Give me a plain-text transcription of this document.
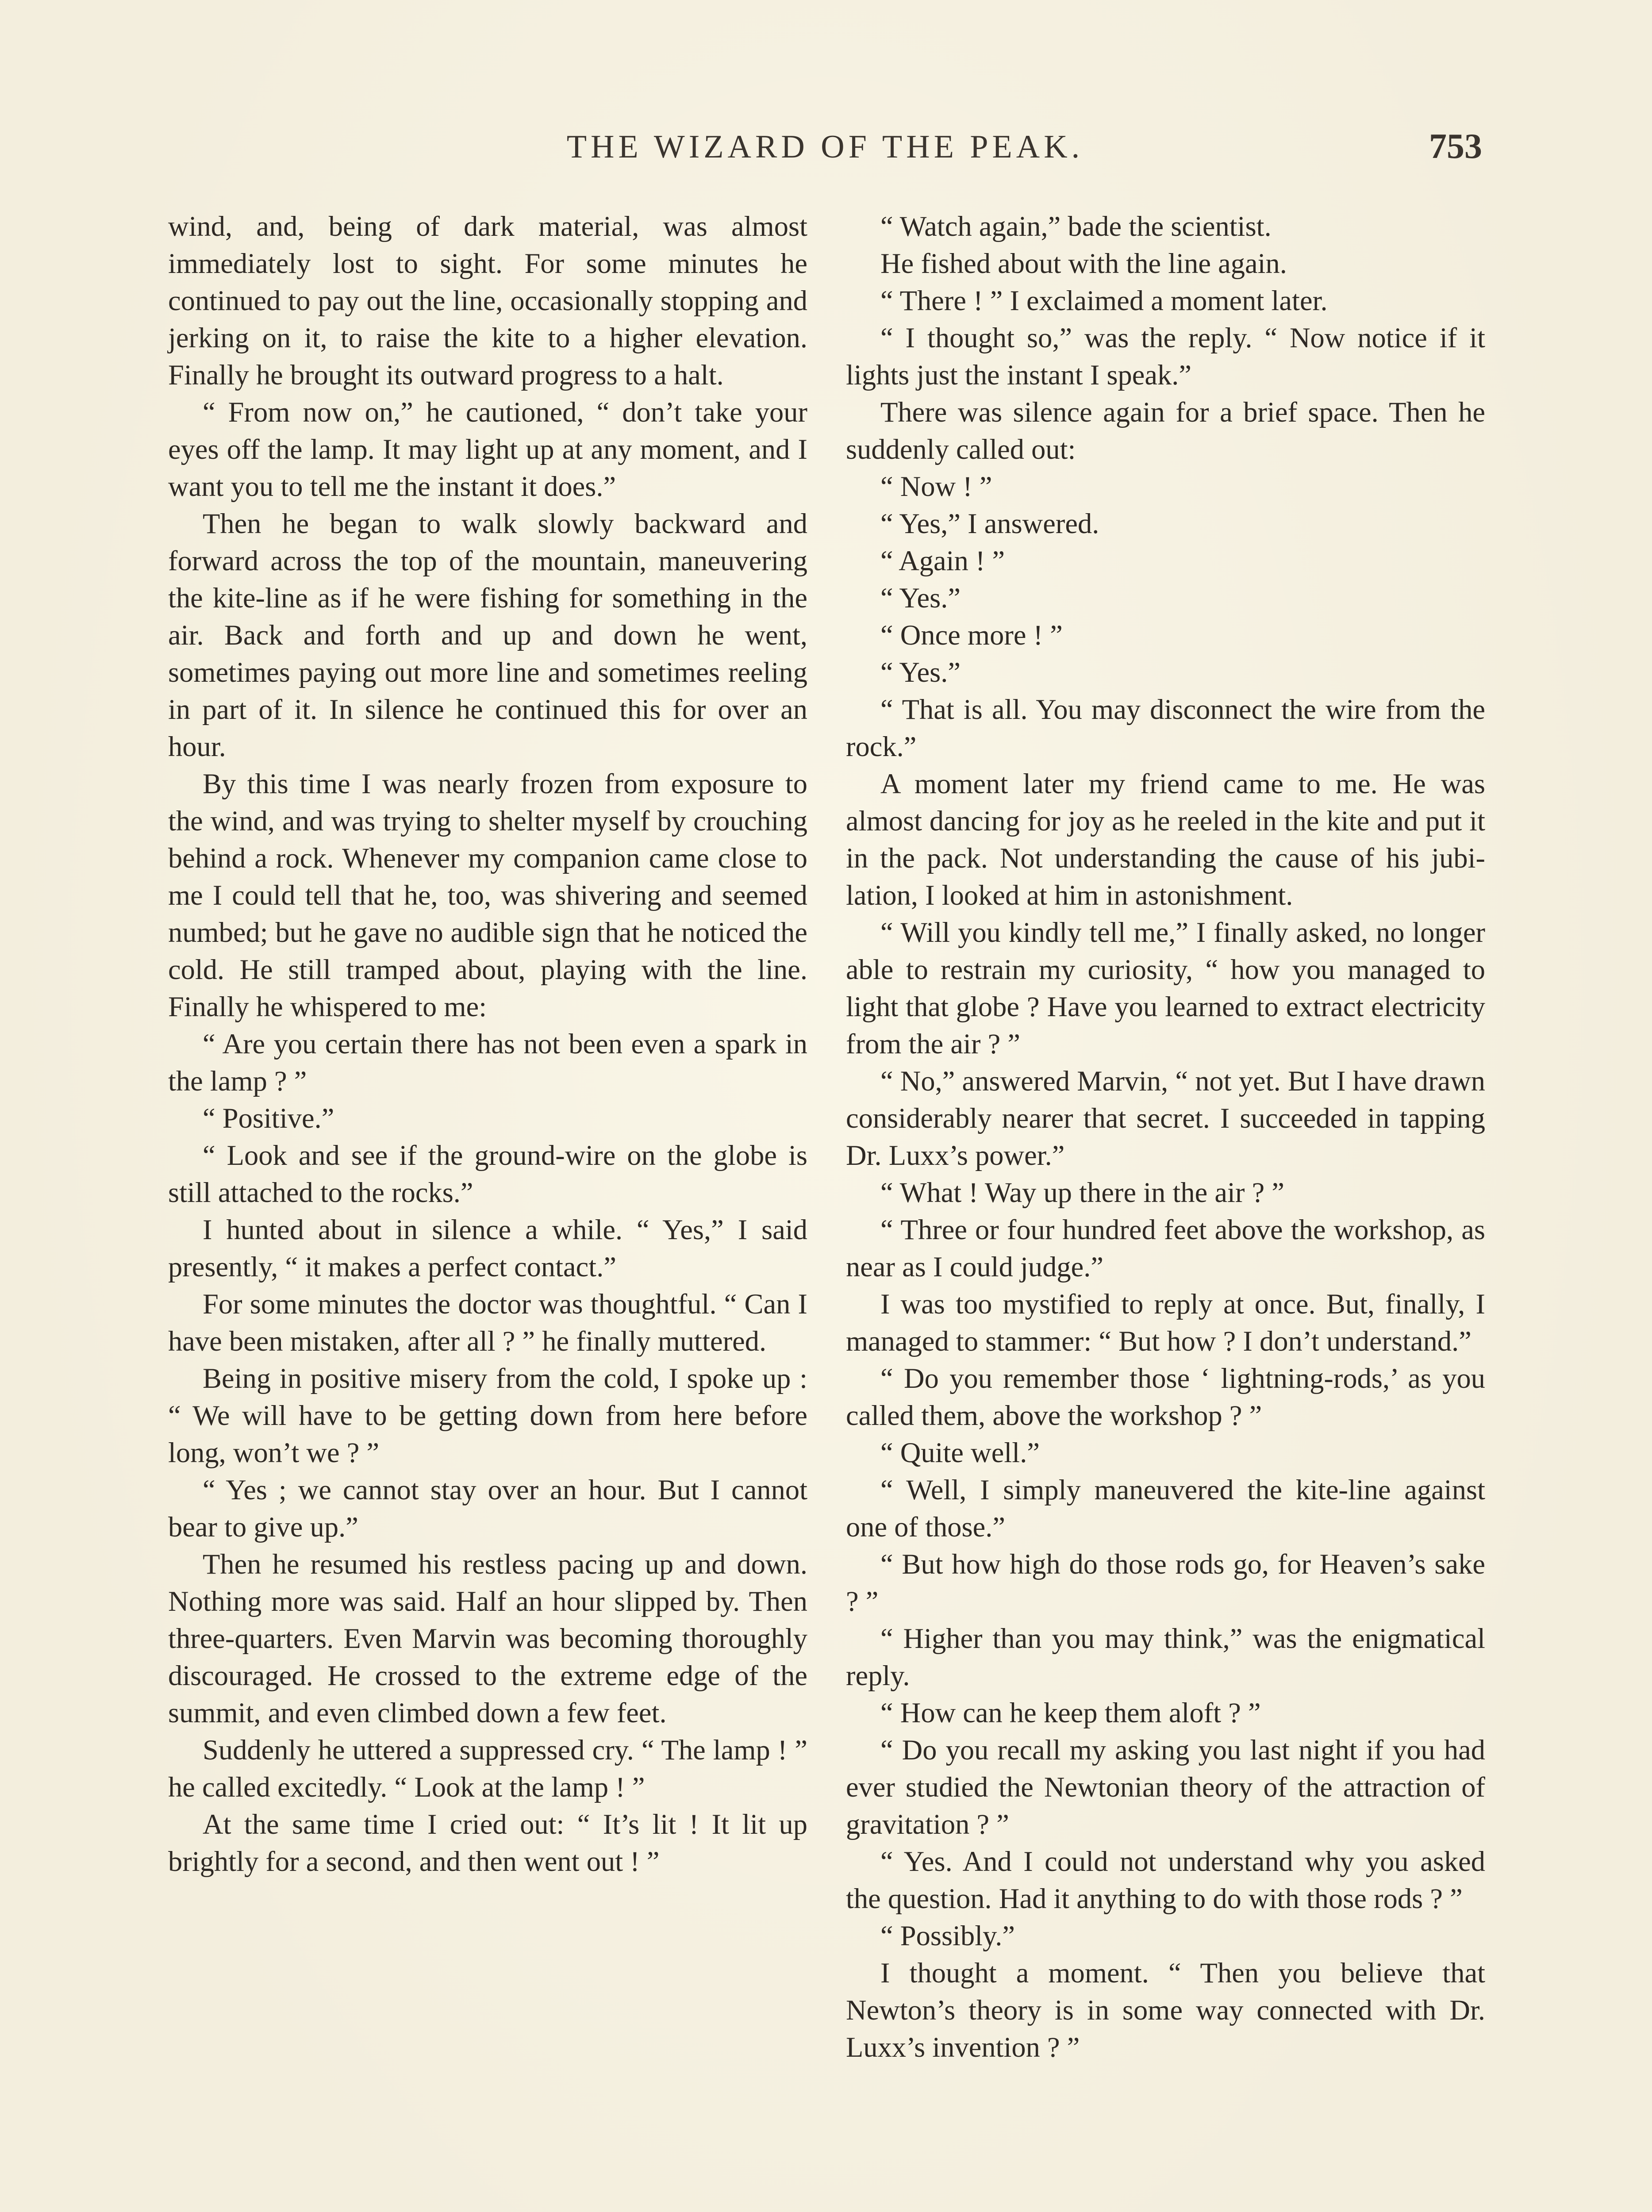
THE WIZARD OF THE PEAK.	753

wind, and, being of dark material, was almost immediately lost to sight. For some minutes he continued to pay out the line, occasionally stopping and jerking on it, to raise the kite to a higher elevation. Finally he brought its outward progress to a halt.

“ From now on,” he cautioned, “ don’t take your eyes off the lamp. It may light up at any moment, and I want you to tell me the instant it does.”

Then he began to walk slowly backward and forward across the top of the mountain, maneuvering the kite-line as if he were fishing for something in the air. Back and forth and up and down he went, sometimes paying out more line and sometimes reeling in part of it. In silence he continued this for over an hour.

By this time I was nearly frozen from exposure to the wind, and was trying to shelter myself by crouching behind a rock. Whenever my companion came close to me I could tell that he, too, was shivering and seemed numbed; but he gave no audible sign that he noticed the cold. He still tramped about, playing with the line. Finally he whispered to me:

“ Are you certain there has not been even a spark in the lamp ? ”

“ Positive.”

“ Look and see if the ground-wire on the globe is still attached to the rocks.”

I hunted about in silence a while. “ Yes,” I said presently, “ it makes a perfect contact.”

For some minutes the doctor was thoughtful. “ Can I have been mistaken, after all ? ” he finally muttered.

Being in positive misery from the cold, I spoke up : “ We will have to be getting down from here before long, won’t we ? ”

“ Yes ; we cannot stay over an hour. But I cannot bear to give up.”

Then he resumed his restless pacing up and down. Nothing more was said. Half an hour slipped by. Then three-quarters. Even Marvin was becoming thoroughly discouraged. He crossed to the extreme edge of the summit, and even climbed down a few feet.

Suddenly he uttered a suppressed cry. “ The lamp ! ” he called excitedly. “ Look at the lamp ! ”

At the same time I cried out: “ It’s lit ! It lit up brightly for a second, and then went out ! ”

“ Watch again,” bade the scientist.

He fished about with the line again.

“ There ! ” I exclaimed a moment later.

“ I thought so,” was the reply. “ Now notice if it lights just the instant I speak.”

There was silence again for a brief space. Then he suddenly called out:

“ Now ! ”

“ Yes,” I answered.

“ Again ! ”

“ Yes.”

“ Once more ! ”

“ Yes.”

“ That is all. You may disconnect the wire from the rock.”

A moment later my friend came to me. He was almost dancing for joy as he reeled in the kite and put it in the pack. Not understanding the cause of his jubilation, I looked at him in astonishment.

“ Will you kindly tell me,” I finally asked, no longer able to restrain my curiosity, “ how you managed to light that globe ? Have you learned to extract electricity from the air ? ”

“ No,” answered Marvin, “ not yet. But I have drawn considerably nearer that secret. I succeeded in tapping Dr. Luxx’s power.”

“ What ! Way up there in the air ? ”

“ Three or four hundred feet above the workshop, as near as I could judge.”

I was too mystified to reply at once. But, finally, I managed to stammer: “ But how ? I don’t understand.”

“ Do you remember those ‘ lightning-rods,’ as you called them, above the workshop ? ”

“ Quite well.”

“ Well, I simply maneuvered the kite-line against one of those.”

“ But how high do those rods go, for Heaven’s sake ? ”

“ Higher than you may think,” was the enigmatical reply.

“ How can he keep them aloft ? ”

“ Do you recall my asking you last night if you had ever studied the Newtonian theory of the attraction of gravitation ? ”

“ Yes. And I could not understand why you asked the question. Had it anything to do with those rods ? ”

“ Possibly.”

I thought a moment. “ Then you believe that Newton’s theory is in some way connected with Dr. Luxx’s invention ? ”
